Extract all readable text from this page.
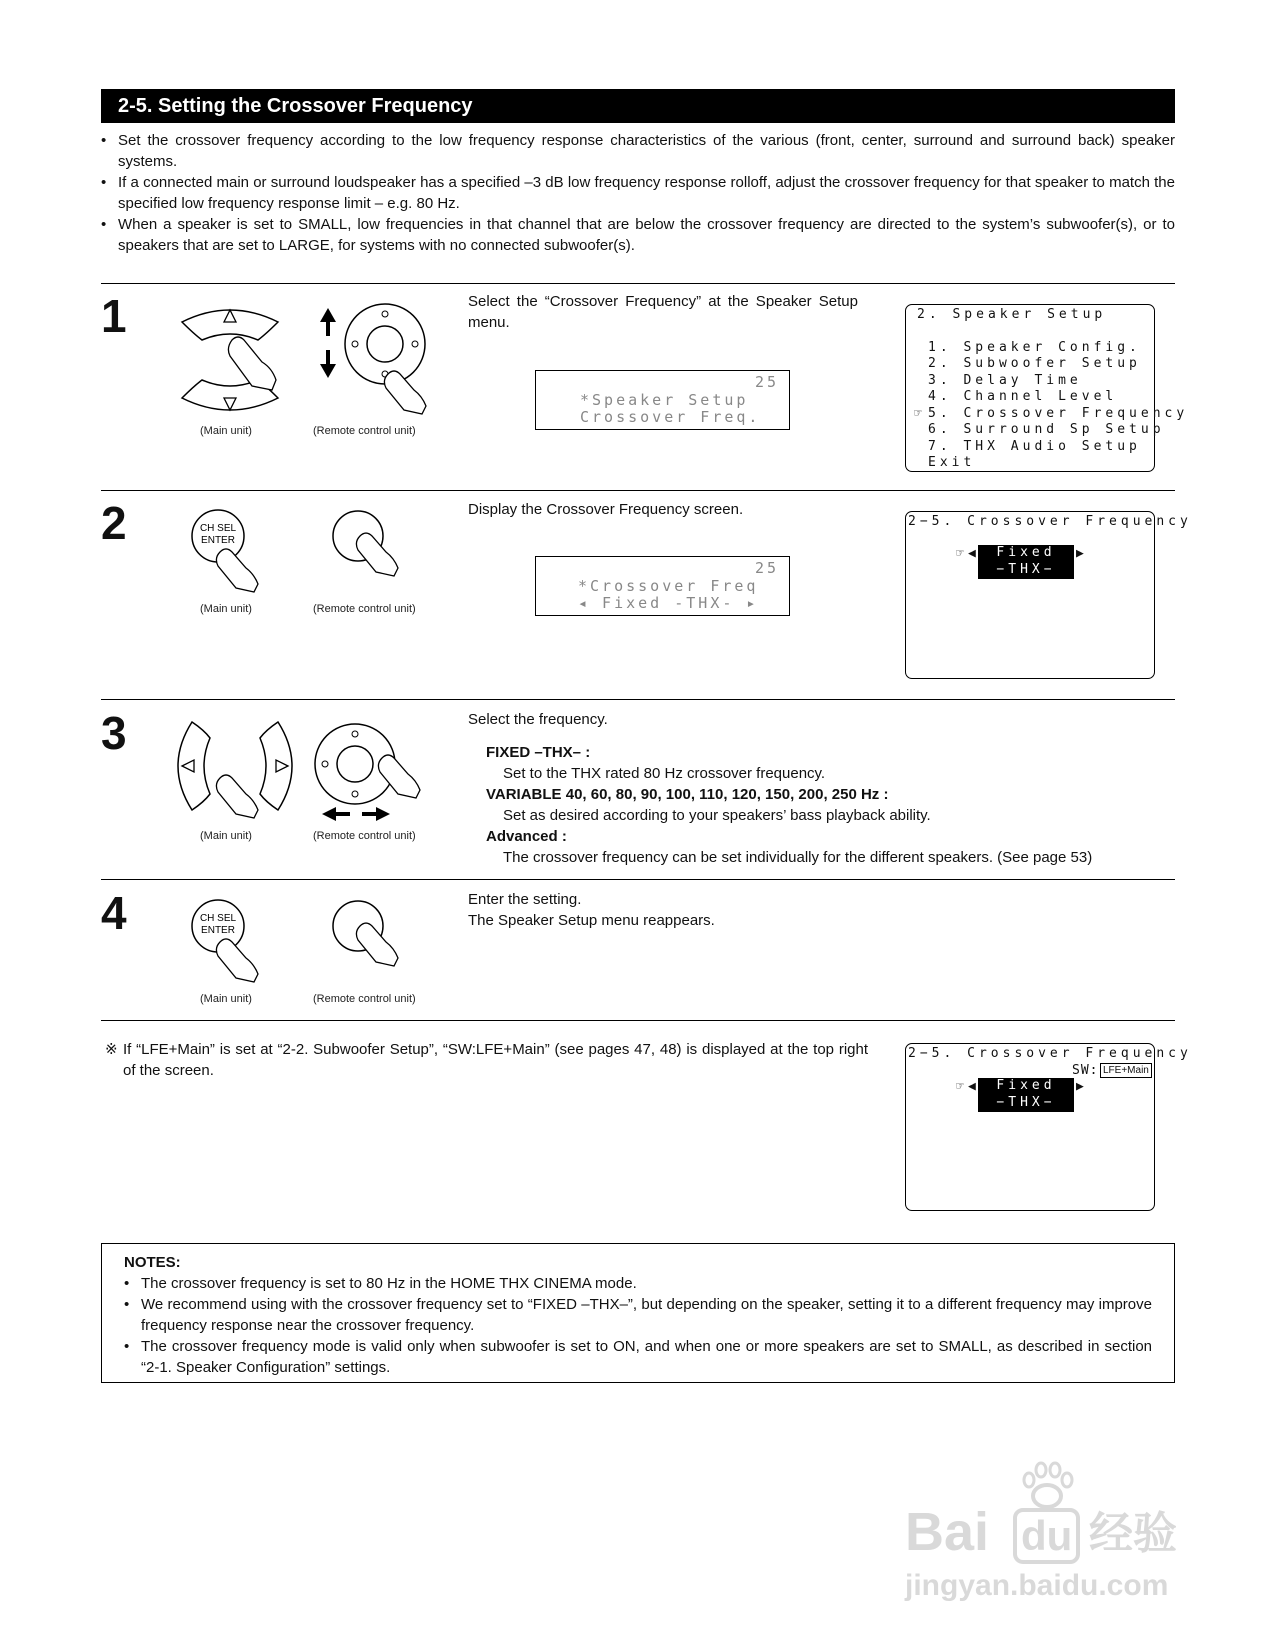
2-5. Setting the Crossover Frequency
• Set the crossover frequency according to the low frequency response characteristics of the various (front, center, surround and surround back) speaker systems.
• If a connected main or surround loudspeaker has a specified –3 dB low frequency response rolloff, adjust the crossover frequency for that speaker to match the specified low frequency response limit – e.g. 80 Hz.
• When a speaker is set to SMALL, low frequencies in that channel that are below the crossover frequency are directed to the system’s subwoofer(s), or to speakers that are set to LARGE, for systems with no connected subwoofer(s).
1
(Main unit)	(Remote control unit)
Select the “Crossover Frequency” at the Speaker Setup menu.
25
*Speaker Setup
Crossover Freq.
2. Speaker Setup
1. Speaker Config.
2. Subwoofer Setup
3. Delay Time
4. Channel Level
☞ 5. Crossover Frequency
6. Surround Sp Setup
7. THX Audio Setup
Exit
2	CH SEL
ENTER
(Main unit)	(Remote control unit)
Display the Crossover Frequency screen.
25
*Crossover Freq
◂ Fixed -THX- ▸
2−5. Crossover Frequency
☞ ◀	Fixed
−THX−
▶
3
(Main unit)	(Remote control unit)
Select the frequency.
FIXED –THX– :
Set to the THX rated 80 Hz crossover frequency.
VARIABLE 40, 60, 80, 90, 100, 110, 120, 150, 200, 250 Hz :
Set as desired according to your speakers’ bass playback ability.
Advanced :
The crossover frequency can be set individually for the different speakers. (See page 53)
4	CH SEL
ENTER
(Main unit)	(Remote control unit)
Enter the setting.
The Speaker Setup menu reappears.
※ If “LFE+Main” is set at “2-2. Subwoofer Setup”, “SW:LFE+Main” (see pages 47, 48) is displayed at the top right of the screen.
2−5. Crossover Frequency
SW: LFE+Main
☞ ◀	Fixed
−THX−
▶
NOTES:
• The crossover frequency is set to 80 Hz in the HOME THX CINEMA mode.
• We recommend using with the crossover frequency set to “FIXED –THX–”, but depending on the speaker, setting it to a different frequency may improve frequency response near the crossover frequency.
• The crossover frequency mode is valid only when subwoofer is set to ON, and when one or more speakers are set to SMALL, as described in section “2-1. Speaker Configuration” settings.
Bai du 经验
jingyan.baidu.com
